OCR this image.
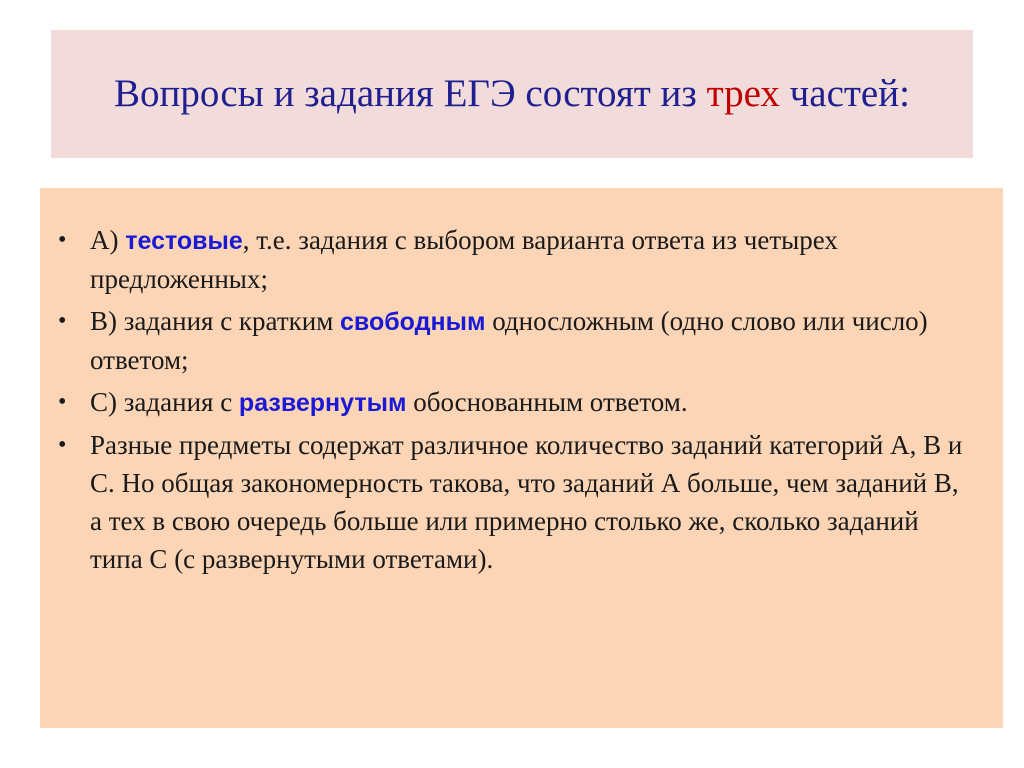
Вопросы и задания ЕГЭ состоят из трех частей:
• А) тестовые, т.е. задания с выбором варианта ответа из четырех предложенных;
• В) задания с кратким свободным односложным (одно слово или число) ответом;
• С) задания с развернутым обоснованным ответом.
• Разные предметы содержат различное количество заданий категорий А, В и С. Но общая закономерность такова, что заданий А больше, чем заданий В, а тех в свою очередь больше или примерно столько же, сколько заданий типа С (с развернутыми ответами).
